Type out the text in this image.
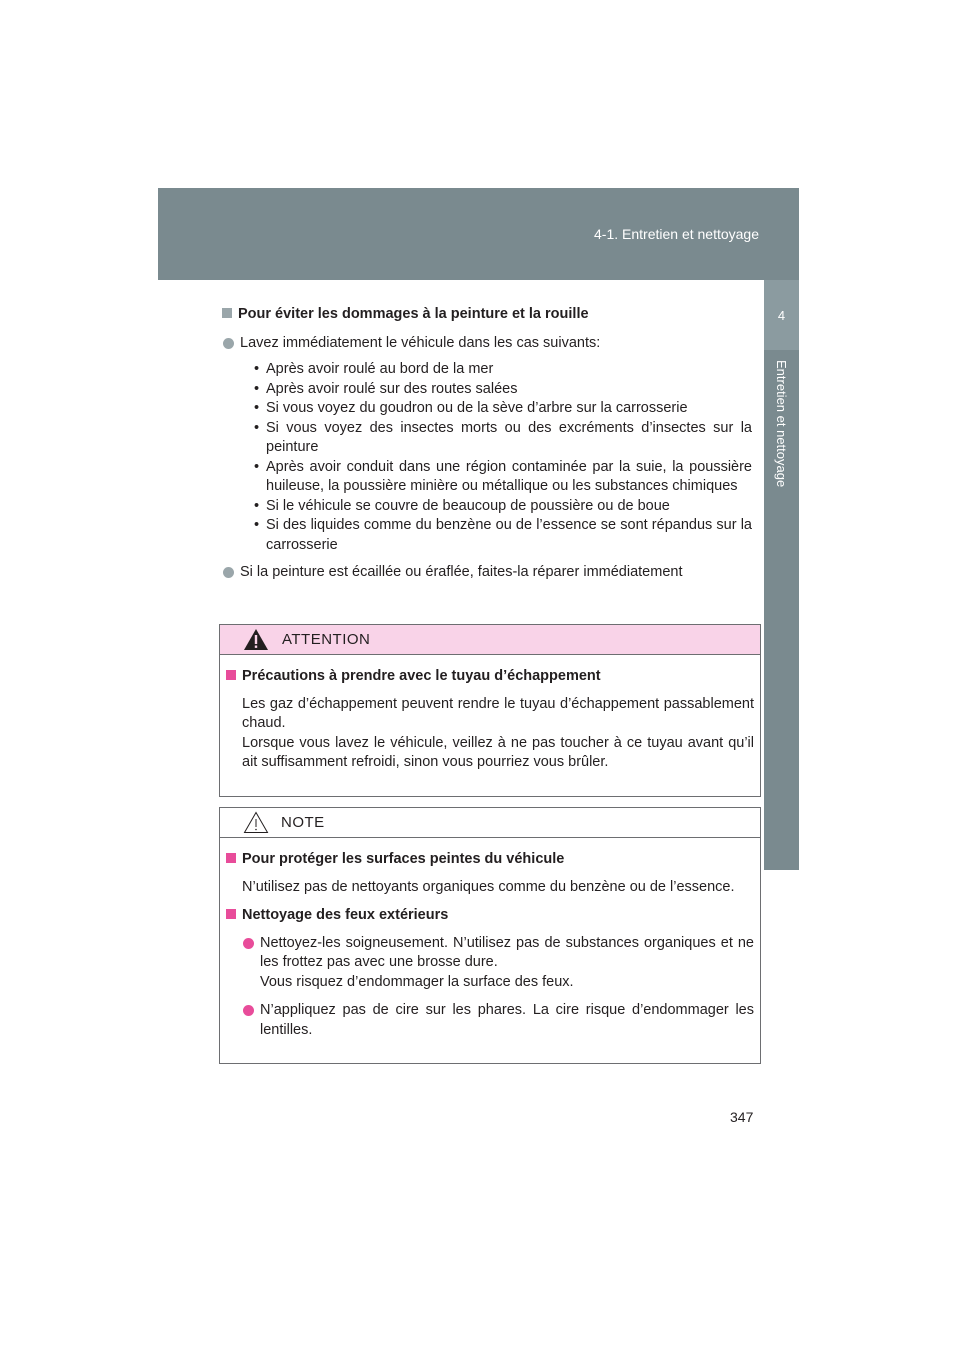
4-1. Entretien et nettoyage
4
Entretien et nettoyage
Pour éviter les dommages à la peinture et la rouille
Lavez immédiatement le véhicule dans les cas suivants:
• Après avoir roulé au bord de la mer
• Après avoir roulé sur des routes salées
• Si vous voyez du goudron ou de la sève d’arbre sur la carrosserie
• Si vous voyez des insectes morts ou des excréments d’insectes sur la peinture
• Après avoir conduit dans une région contaminée par la suie, la poussière huileuse, la poussière minière ou métallique ou les substances chimiques
• Si le véhicule se couvre de beaucoup de poussière ou de boue
• Si des liquides comme du benzène ou de l’essence se sont répandus sur la carrosserie
Si la peinture est écaillée ou éraflée, faites-la réparer immédiatement
ATTENTION
Précautions à prendre avec le tuyau d’échappement
Les gaz d’échappement peuvent rendre le tuyau d’échappement passablement chaud.
Lorsque vous lavez le véhicule, veillez à ne pas toucher à ce tuyau avant qu’il ait suffisamment refroidi, sinon vous pourriez vous brûler.
NOTE
Pour protéger les surfaces peintes du véhicule
N’utilisez pas de nettoyants organiques comme du benzène ou de l’essence.
Nettoyage des feux extérieurs
Nettoyez-les soigneusement. N’utilisez pas de substances organiques et ne les frottez pas avec une brosse dure.
Vous risquez d’endommager la surface des feux.
N’appliquez pas de cire sur les phares. La cire risque d’endommager les lentilles.
347
